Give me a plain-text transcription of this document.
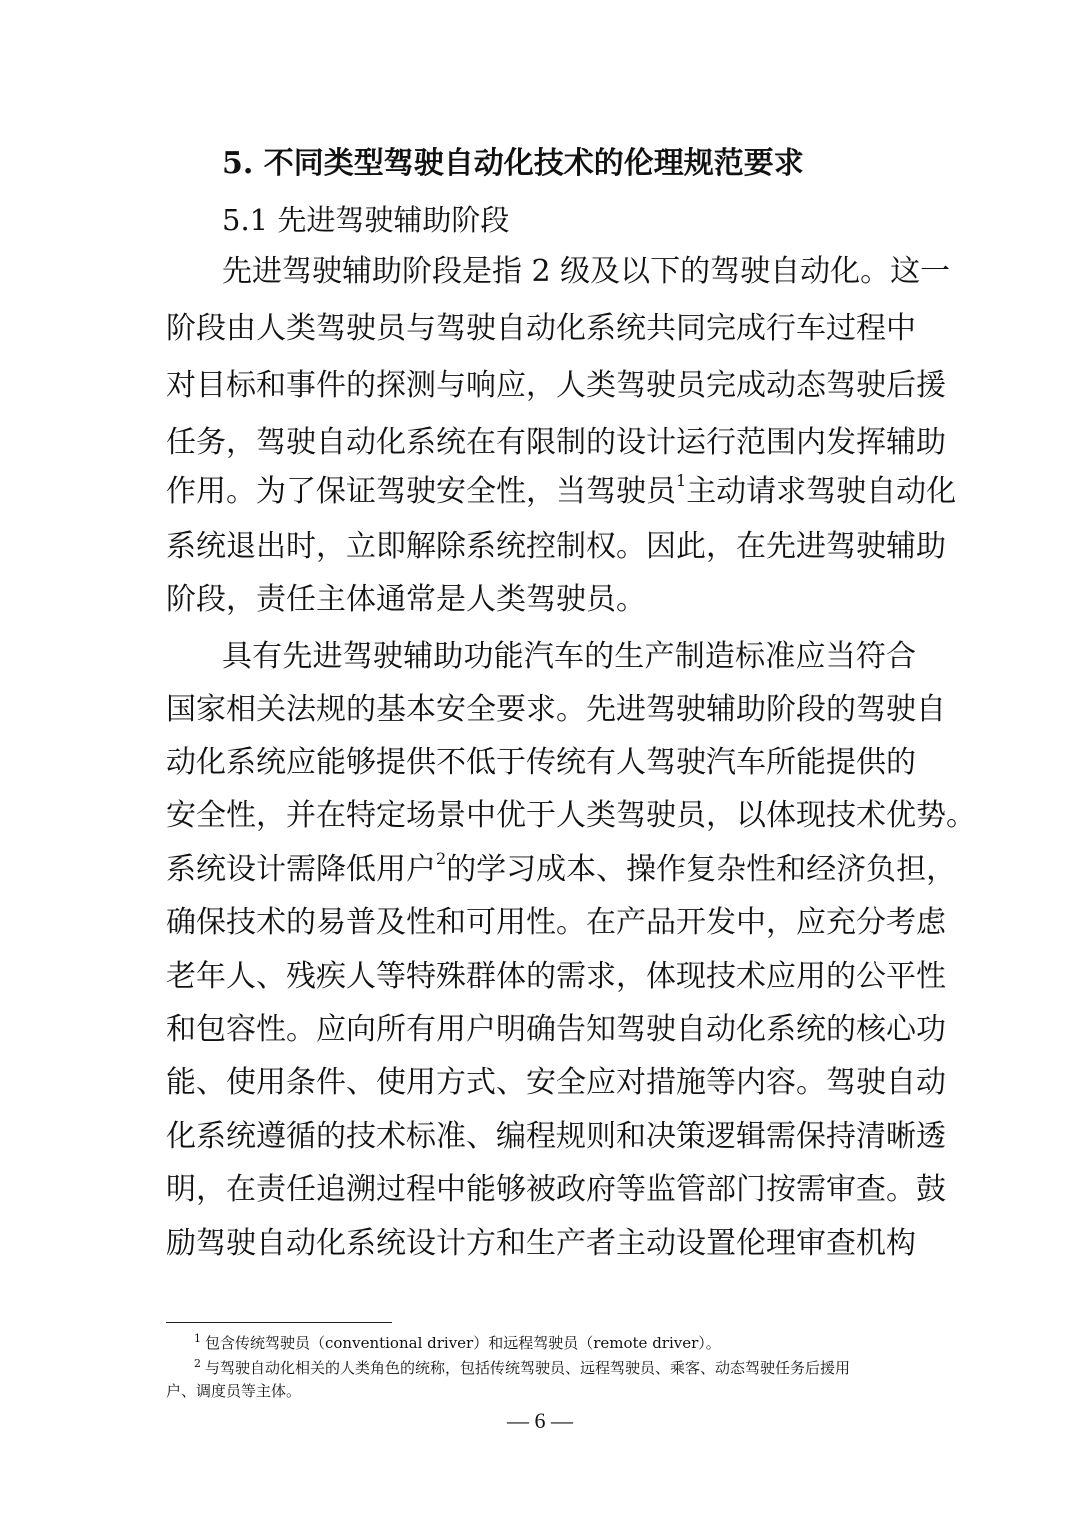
5. 不同类型驾驶自动化技术的伦理规范要求
5.1 先进驾驶辅助阶段
先进驾驶辅助阶段是指 2 级及以下的驾驶自动化。这一
阶段由人类驾驶员与驾驶自动化系统共同完成行车过程中
对目标和事件的探测与响应，人类驾驶员完成动态驾驶后援
任务，驾驶自动化系统在有限制的设计运行范围内发挥辅助
作用。为了保证驾驶安全性，当驾驶员$^1$主动请求驾驶自动化
系统退出时，立即解除系统控制权。因此，在先进驾驶辅助
阶段，责任主体通常是人类驾驶员。
具有先进驾驶辅助功能汽车的生产制造标准应当符合
国家相关法规的基本安全要求。先进驾驶辅助阶段的驾驶自
动化系统应能够提供不低于传统有人驾驶汽车所能提供的
安全性，并在特定场景中优于人类驾驶员，以体现技术优势。
系统设计需降低用户$^2$的学习成本、操作复杂性和经济负担，
确保技术的易普及性和可用性。在产品开发中，应充分考虑
老年人、残疾人等特殊群体的需求，体现技术应用的公平性
和包容性。应向所有用户明确告知驾驶自动化系统的核心功
能、使用条件、使用方式、安全应对措施等内容。驾驶自动
化系统遵循的技术标准、编程规则和决策逻辑需保持清晰透
明，在责任追溯过程中能够被政府等监管部门按需审查。鼓
励驾驶自动化系统设计方和生产者主动设置伦理审查机构
$^1$ 包含传统驾驶员（conventional driver）和远程驾驶员（remote driver）。
$^2$ 与驾驶自动化相关的人类角色的统称，包括传统驾驶员、远程驾驶员、乘客、动态驾驶任务后援用
户、调度员等主体。
— 6 —
